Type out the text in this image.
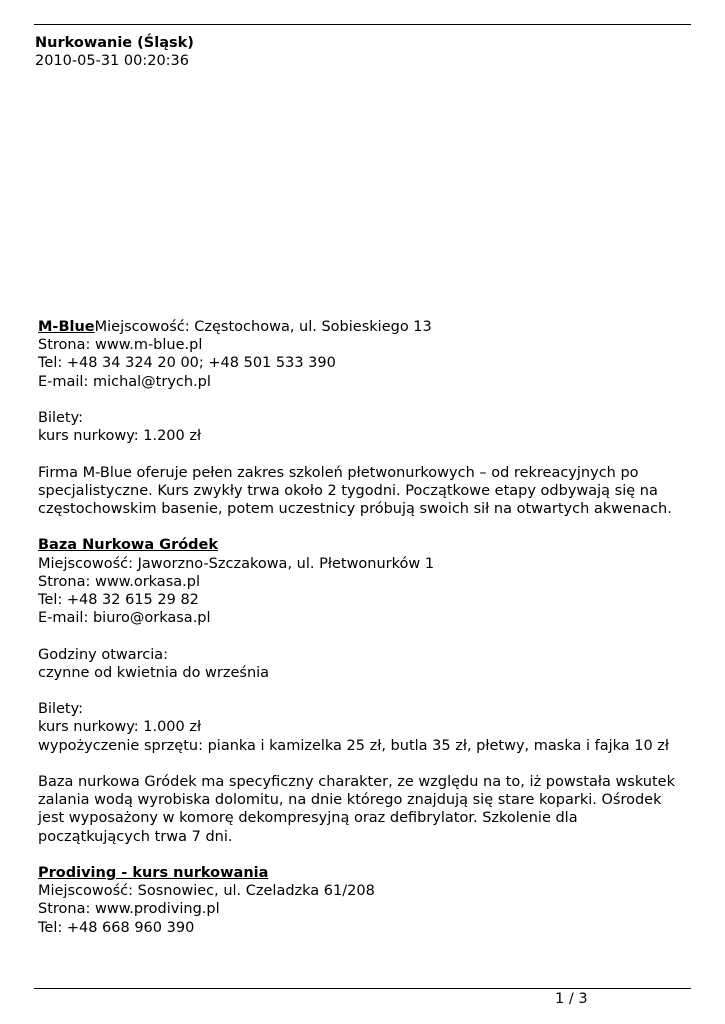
Nurkowanie (Śląsk)
2010-05-31 00:20:36
M-BlueMiejscowość: Częstochowa, ul. Sobieskiego 13
Strona: www.m-blue.pl
Tel: +48 34 324 20 00; +48 501 533 390
E-mail: michal@trych.pl
Bilety:
kurs nurkowy: 1.200 zł
Firma M-Blue oferuje pełen zakres szkoleń płetwonurkowych – od rekreacyjnych po
specjalistyczne. Kurs zwykły trwa około 2 tygodni. Początkowe etapy odbywają się na
częstochowskim basenie, potem uczestnicy próbują swoich sił na otwartych akwenach.
Baza Nurkowa Gródek
Miejscowość: Jaworzno-Szczakowa, ul. Płetwonurków 1
Strona: www.orkasa.pl
Tel: +48 32 615 29 82
E-mail: biuro@orkasa.pl
Godziny otwarcia:
czynne od kwietnia do września
Bilety:
kurs nurkowy: 1.000 zł
wypożyczenie sprzętu: pianka i kamizelka 25 zł, butla 35 zł, płetwy, maska i fajka 10 zł
Baza nurkowa Gródek ma specyficzny charakter, ze względu na to, iż powstała wskutek
zalania wodą wyrobiska dolomitu, na dnie którego znajdują się stare koparki. Ośrodek
jest wyposażony w komorę dekompresyjną oraz defibrylator. Szkolenie dla
początkujących trwa 7 dni.
Prodiving - kurs nurkowania
Miejscowość: Sosnowiec, ul. Czeladzka 61/208
Strona: www.prodiving.pl
Tel: +48 668 960 390
1 / 3
